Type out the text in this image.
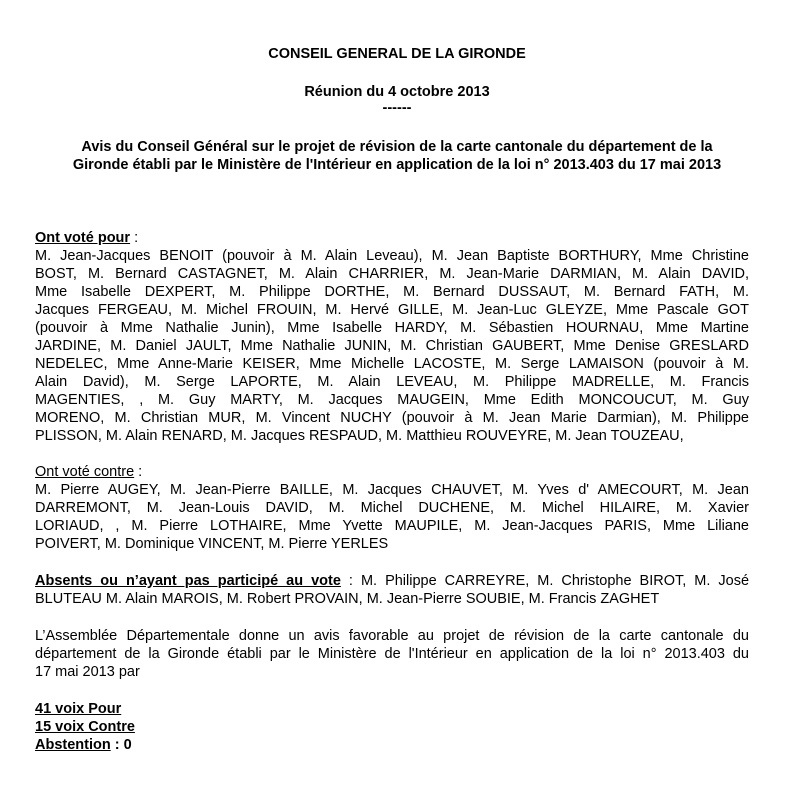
CONSEIL GENERAL DE LA GIRONDE
Réunion du 4 octobre 2013
------
Avis du Conseil Général sur le projet de révision de la carte cantonale du département de la
Gironde établi par le Ministère de l'Intérieur en application de la loi n° 2013.403 du 17 mai 2013
Ont voté pour :
M. Jean-Jacques BENOIT (pouvoir à M. Alain Leveau), M. Jean Baptiste BORTHURY, Mme Christine
BOST, M. Bernard CASTAGNET, M. Alain CHARRIER, M. Jean-Marie DARMIAN, M. Alain DAVID,
Mme Isabelle DEXPERT, M. Philippe DORTHE, M. Bernard DUSSAUT, M. Bernard FATH, M.
Jacques FERGEAU, M. Michel FROUIN, M. Hervé GILLE, M. Jean-Luc GLEYZE, Mme Pascale GOT
(pouvoir à Mme Nathalie Junin), Mme Isabelle HARDY, M. Sébastien HOURNAU, Mme Martine
JARDINE, M. Daniel JAULT, Mme Nathalie JUNIN, M. Christian GAUBERT, Mme Denise GRESLARD
NEDELEC, Mme Anne-Marie KEISER, Mme Michelle LACOSTE, M. Serge LAMAISON (pouvoir à M.
Alain David), M. Serge LAPORTE, M. Alain LEVEAU, M. Philippe MADRELLE, M. Francis
MAGENTIES, , M. Guy MARTY, M. Jacques MAUGEIN, Mme Edith MONCOUCUT, M. Guy
MORENO, M. Christian MUR, M. Vincent NUCHY (pouvoir à M. Jean Marie Darmian), M. Philippe
PLISSON, M. Alain RENARD, M. Jacques RESPAUD, M. Matthieu ROUVEYRE, M. Jean TOUZEAU,
Ont voté contre :
M. Pierre AUGEY, M. Jean-Pierre BAILLE, M. Jacques CHAUVET, M. Yves d' AMECOURT, M. Jean
DARREMONT, M. Jean-Louis DAVID, M. Michel DUCHENE, M. Michel HILAIRE, M. Xavier
LORIAUD, , M. Pierre LOTHAIRE, Mme Yvette MAUPILE, M. Jean-Jacques PARIS, Mme Liliane
POIVERT, M. Dominique VINCENT, M. Pierre YERLES
Absents ou n’ayant pas participé au vote : M. Philippe CARREYRE, M. Christophe BIROT, M. José
BLUTEAU M. Alain MAROIS, M. Robert PROVAIN, M. Jean-Pierre SOUBIE, M. Francis ZAGHET
L’Assemblée Départementale donne un avis favorable au projet de révision de la carte cantonale du
département de la Gironde établi par le Ministère de l'Intérieur en application de la loi n° 2013.403 du
17 mai 2013 par
41 voix Pour
15 voix Contre
Abstention : 0
